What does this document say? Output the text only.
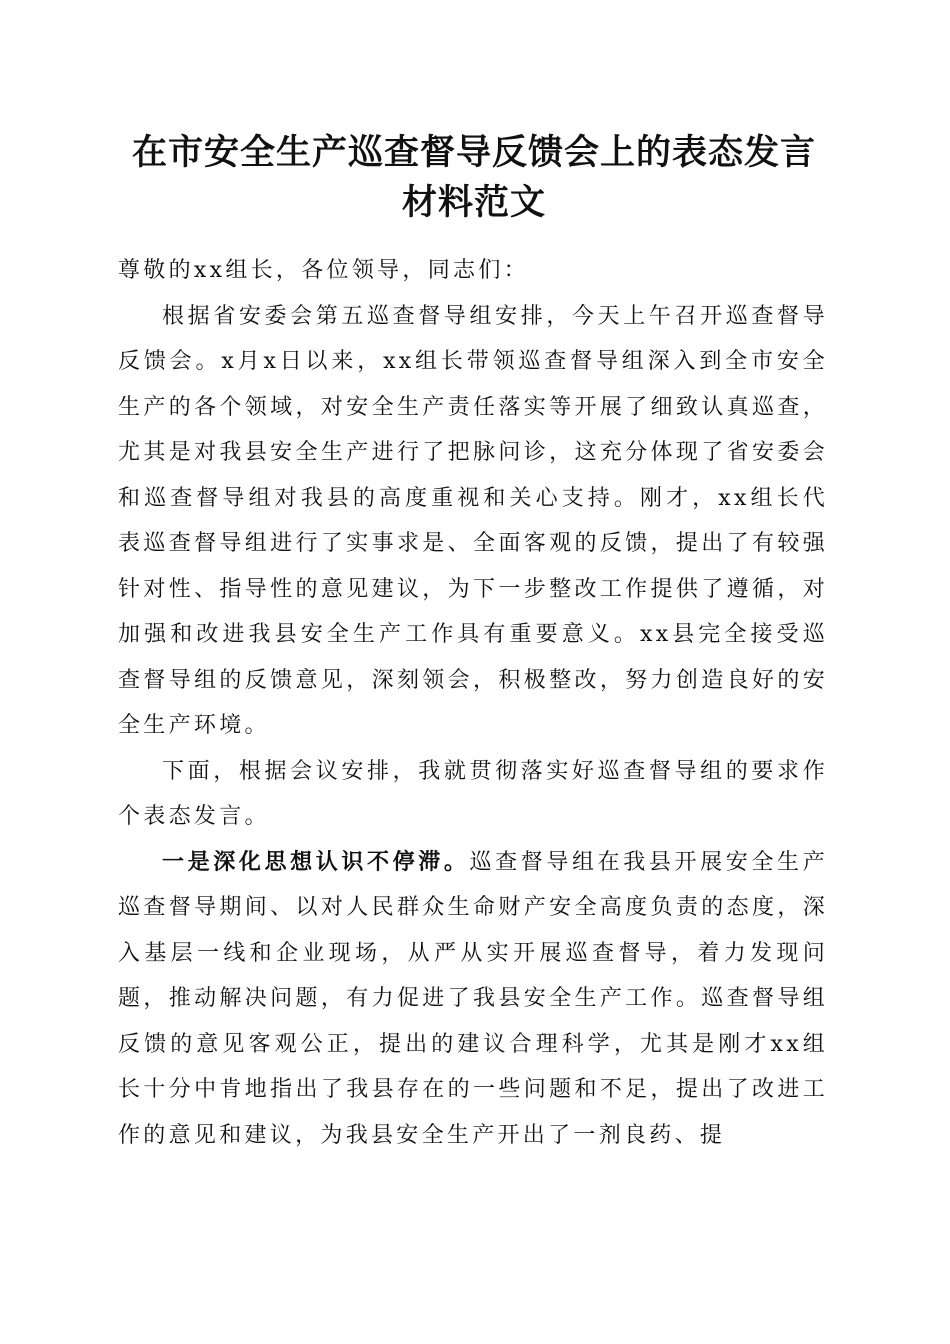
在市安全生产巡查督导反馈会上的表态发言材料范文

尊敬的xx组长，各位领导，同志们：

根据省安委会第五巡查督导组安排，今天上午召开巡查督导反馈会。x月x日以来，xx组长带领巡查督导组深入到全市安全生产的各个领域，对安全生产责任落实等开展了细致认真巡查，尤其是对我县安全生产进行了把脉问诊，这充分体现了省安委会和巡查督导组对我县的高度重视和关心支持。刚才，xx组长代表巡查督导组进行了实事求是、全面客观的反馈，提出了有较强针对性、指导性的意见建议，为下一步整改工作提供了遵循，对加强和改进我县安全生产工作具有重要意义。xx县完全接受巡查督导组的反馈意见，深刻领会，积极整改，努力创造良好的安全生产环境。

下面，根据会议安排，我就贯彻落实好巡查督导组的要求作个表态发言。

一是深化思想认识不停滞。巡查督导组在我县开展安全生产巡查督导期间、以对人民群众生命财产安全高度负责的态度，深入基层一线和企业现场，从严从实开展巡查督导，着力发现问题，推动解决问题，有力促进了我县安全生产工作。巡查督导组反馈的意见客观公正，提出的建议合理科学，尤其是刚才xx组长十分中肯地指出了我县存在的一些问题和不足，提出了改进工作的意见和建议，为我县安全生产开出了一剂良药、提
